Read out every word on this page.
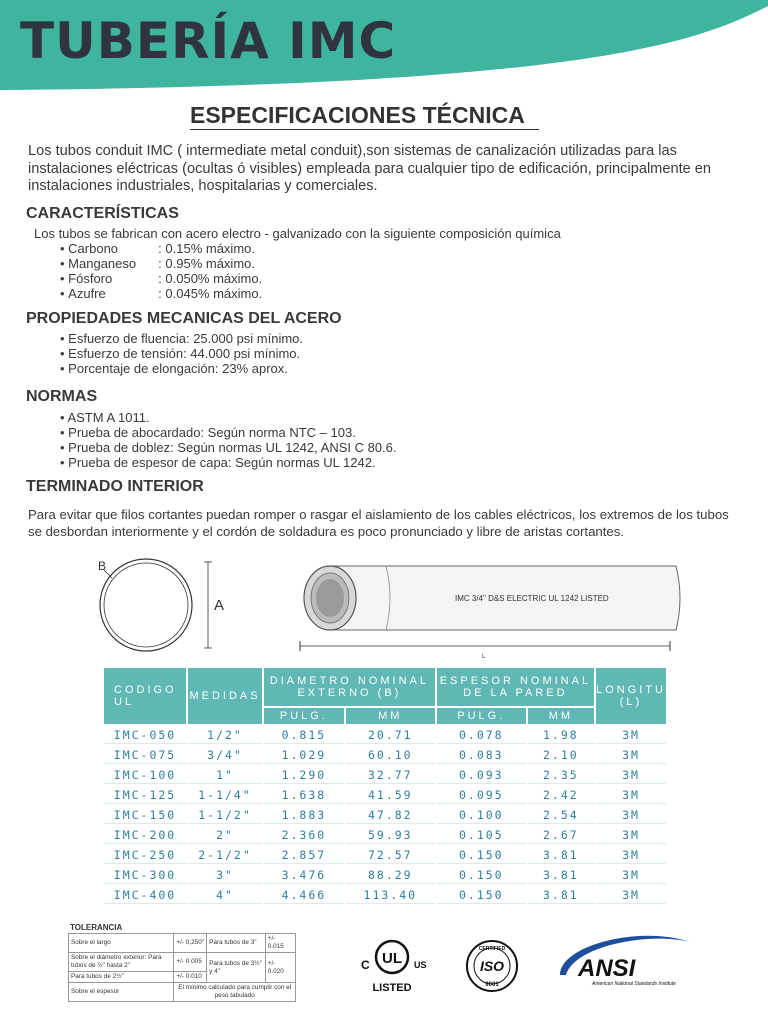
TUBERÍA IMC
ESPECIFICACIONES TÉCNICA
Los tubos conduit IMC ( intermediate metal conduit),son sistemas de canalización utilizadas para las instalaciones eléctricas (ocultas ó visibles) empleada para cualquier tipo de edificación, principalmente en instalaciones industriales, hospitalarias y comerciales.
CARACTERÍSTICAS
Los tubos se fabrican con acero electro - galvanizado con la siguiente composición química
• Carbono	: 0.15% máximo.
• Manganeso : 0.95% máximo.
• Fósforo	: 0.050% máximo.
• Azufre	: 0.045% máximo.
PROPIEDADES MECANICAS DEL ACERO
• Esfuerzo de fluencia: 25.000 psi mínimo.
• Esfuerzo de tensión: 44.000 psi mínimo.
• Porcentaje de elongación: 23% aprox.
NORMAS
• ASTM A 1011.
• Prueba de abocardado: Según norma NTC – 103.
• Prueba de doblez: Según normas UL 1242, ANSI C 80.6.
• Prueba de espesor de capa: Según normas UL 1242.
TERMINADO INTERIOR
Para evitar que filos cortantes puedan romper o rasgar el aislamiento de los cables eléctricos, los extremos de los tubos se desbordan interiormente y el cordón de soldadura es poco pronunciado y libre de aristas cortantes.
B
A	IMC 3/4" D&S ELECTRIC UL 1242 LISTED
L
CODIGO UL	MEDIDAS	DIAMETRO NOMINAL EXTERNO (B)		ESPESOR NOMINAL DE LA PARED		LONGITU (L)
		PULG.	MM	PULG.	MM	
IMC-050	1/2"	0.815	20.71	0.078	1.98	3M
IMC-075	3/4"	1.029	60.10	0.083	2.10	3M
IMC-100	1"	1.290	32.77	0.093	2.35	3M
IMC-125	1-1/4"	1.638	41.59	0.095	2.42	3M
IMC-150	1-1/2"	1.883	47.82	0.100	2.54	3M
IMC-200	2"	2.360	59.93	0.105	2.67	3M
IMC-250	2-1/2"	2.857	72.57	0.150	3.81	3M
IMC-300	3"	3.476	88.29	0.150	3.81	3M
IMC-400	4"	4.466	113.40	0.150	3.81	3M
TOLERANCIA
Sobre el largo	+/- 0,250"	Para tubos de 3"	+/- 0.015
Sobre el diámetro exterior: Para tubos de ½" hasta 2"	+/- 0.005	Para tubos de 3½" y 4"	+/- 0.020
Para tubos de 2½"	+/- 0.010		
Sobre el espesor	El mínimo calculado para cumplir con el peso tabulado		
UL
C	US
LISTED
CERTIFIED
ISO
9001
ANSI
American National Standards Institute
